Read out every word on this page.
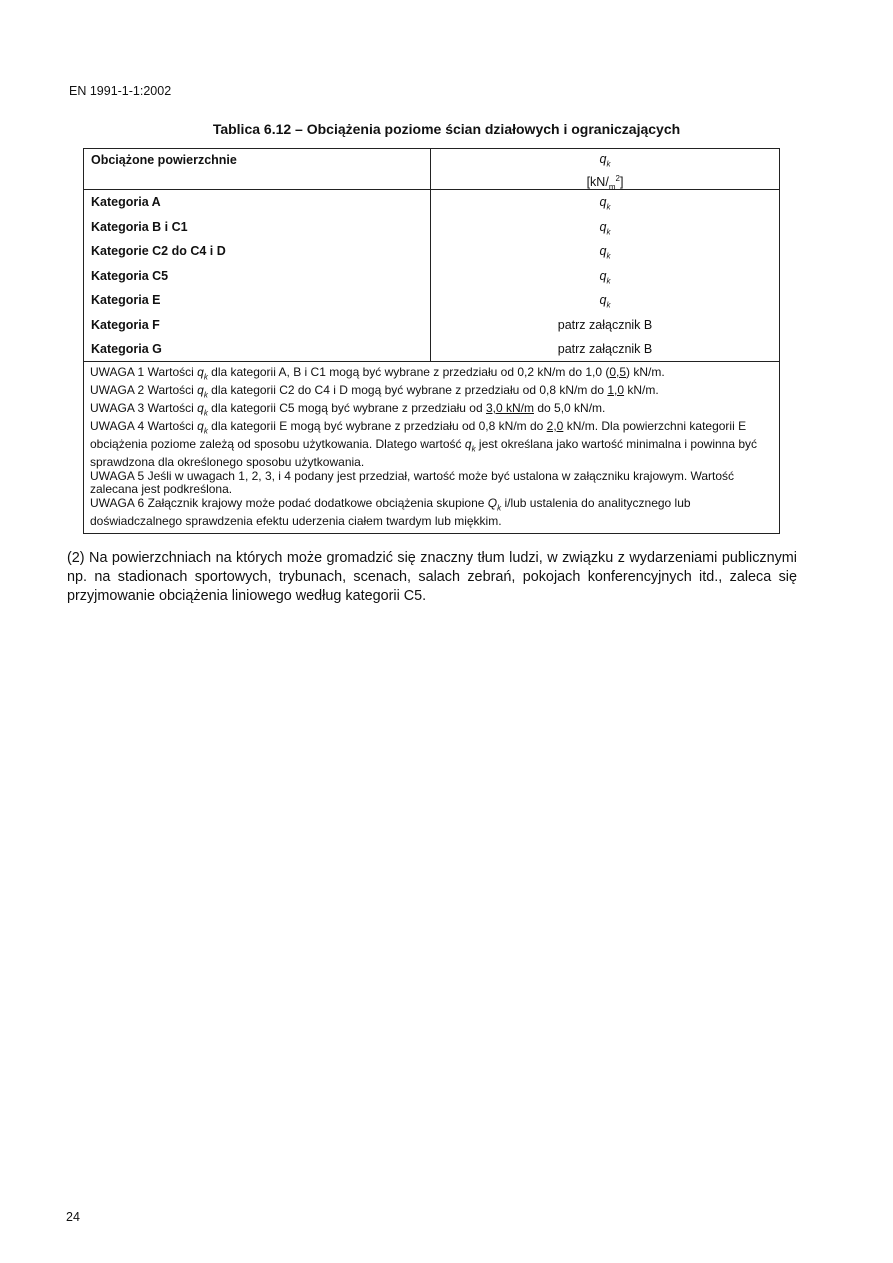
EN 1991-1-1:2002
Tablica 6.12 – Obciążenia poziome ścian działowych i ograniczających
Obciążone powierzchnie	$q_k$
$[kN/_m^2]$
Kategoria A
Kategoria B i C1
Kategorie C2 do C4 i D
Kategoria C5
Kategoria E
Kategoria F
Kategoria G
$q_k$
$q_k$
$q_k$
$q_k$
$q_k$
patrz załącznik B
patrz załącznik B
UWAGA 1 Wartości $q_k$ dla kategorii A, B i C1 mogą być wybrane z przedziału od 0,2 kN/m do 1,0 (0,5) kN/m.
UWAGA 2 Wartości $q_k$ dla kategorii C2 do C4 i D mogą być wybrane z przedziału od 0,8 kN/m do 1,0 kN/m.
UWAGA 3 Wartości $q_k$ dla kategorii C5 mogą być wybrane z przedziału od 3,0 kN/m do 5,0 kN/m.
UWAGA 4 Wartości $q_k$ dla kategorii E mogą być wybrane z przedziału od 0,8 kN/m do 2,0 kN/m. Dla powierzchni kategorii E obciążenia poziome zależą od sposobu użytkowania. Dlatego wartość $q_k$ jest określana jako wartość minimalna i powinna być sprawdzona dla określonego sposobu użytkowania.
UWAGA 5 Jeśli w uwagach 1, 2, 3, i 4 podany jest przedział, wartość może być ustalona w załączniku krajowym. Wartość zalecana jest podkreślona.
UWAGA 6 Załącznik krajowy może podać dodatkowe obciążenia skupione $Q_k$ i/lub ustalenia do analitycznego lub doświadczalnego sprawdzenia efektu uderzenia ciałem twardym lub miękkim.
(2) Na powierzchniach na których może gromadzić się znaczny tłum ludzi, w związku z wydarzeniami publicznymi np. na stadionach sportowych, trybunach, scenach, salach zebrań, pokojach konferencyjnych itd., zaleca się przyjmowanie obciążenia liniowego według kategorii C5.
24
